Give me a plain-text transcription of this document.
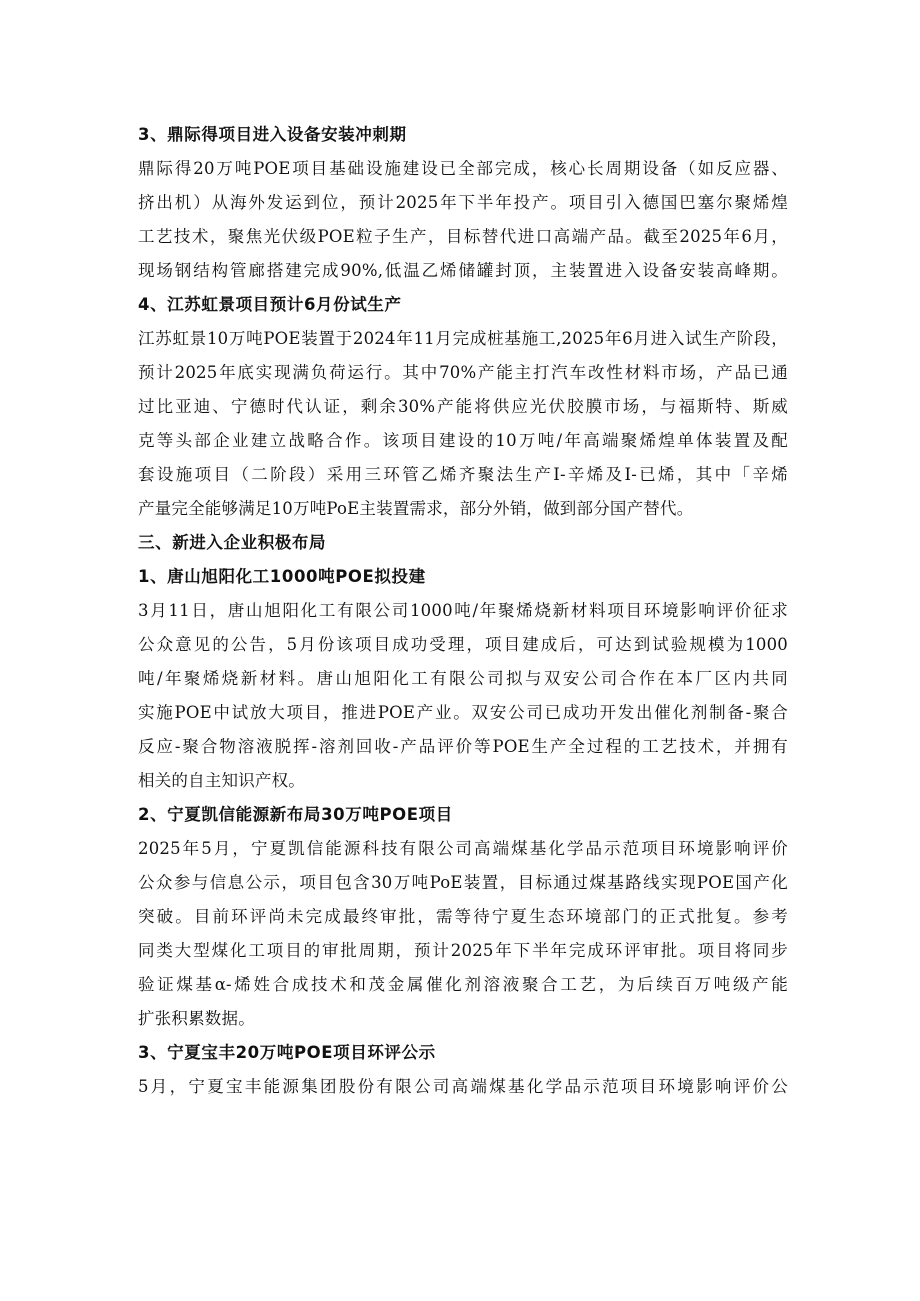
3、鼎际得项目进入设备安装冲刺期
鼎际得20万吨POE项目基础设施建设已全部完成，核心长周期设备（如反应器、
挤出机）从海外发运到位，预计2025年下半年投产。项目引入德国巴塞尔聚烯煌
工艺技术，聚焦光伏级POE粒子生产，目标替代进口高端产品。截至2025年6月，
现场钢结构管廊搭建完成90%,低温乙烯储罐封顶，主装置进入设备安装高峰期。
4、江苏虹景项目预计6月份试生产
江苏虹景10万吨POE装置于2024年11月完成桩基施工,2025年6月进入试生产阶段，
预计2025年底实现满负荷运行。其中70%产能主打汽车改性材料市场，产品已通
过比亚迪、宁德时代认证，剩余30%产能将供应光伏胶膜市场，与福斯特、斯威
克等头部企业建立战略合作。该项目建设的10万吨/年高端聚烯煌单体装置及配
套设施项目（二阶段）采用三环管乙烯齐聚法生产I-辛烯及I-已烯，其中「辛烯
产量完全能够满足10万吨PoE主装置需求，部分外销，做到部分国产替代。
三、新进入企业积极布局
1、唐山旭阳化工1000吨POE拟投建
3月11日，唐山旭阳化工有限公司1000吨/年聚烯烧新材料项目环境影响评价征求
公众意见的公告，5月份该项目成功受理，项目建成后，可达到试验规模为1000
吨/年聚烯烧新材料。唐山旭阳化工有限公司拟与双安公司合作在本厂区内共同
实施POE中试放大项目，推进POE产业。双安公司已成功开发出催化剂制备-聚合
反应-聚合物溶液脱挥-溶剂回收-产品评价等POE生产全过程的工艺技术，并拥有
相关的自主知识产权。
2、宁夏凯信能源新布局30万吨POE项目
2025年5月，宁夏凯信能源科技有限公司高端煤基化学品示范项目环境影响评价
公众参与信息公示，项目包含30万吨PoE装置，目标通过煤基路线实现POE国产化
突破。目前环评尚未完成最终审批，需等待宁夏生态环境部门的正式批复。参考
同类大型煤化工项目的审批周期，预计2025年下半年完成环评审批。项目将同步
验证煤基α-烯姓合成技术和茂金属催化剂溶液聚合工艺，为后续百万吨级产能
扩张积累数据。
3、宁夏宝丰20万吨POE项目环评公示
5月，宁夏宝丰能源集团股份有限公司高端煤基化学品示范项目环境影响评价公
